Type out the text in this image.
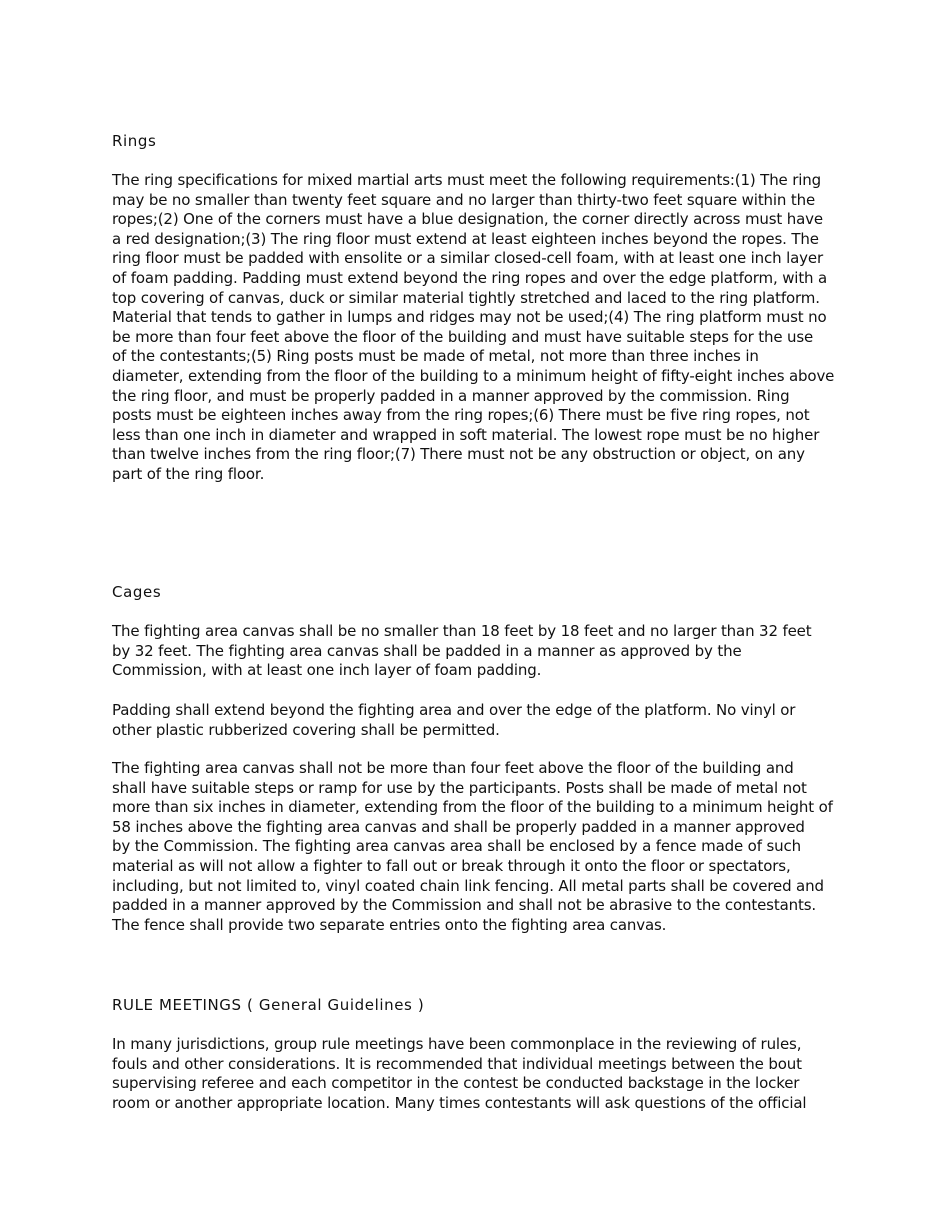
Rings
The ring specifications for mixed martial arts must meet the following requirements:(1) The ring
may be no smaller than twenty feet square and no larger than thirty-two feet square within the
ropes;(2) One of the corners must have a blue designation, the corner directly across must have
a red designation;(3) The ring floor must extend at least eighteen inches beyond the ropes. The
ring floor must be padded with ensolite or a similar closed-cell foam, with at least one inch layer
of foam padding. Padding must extend beyond the ring ropes and over the edge platform, with a
top covering of canvas, duck or similar material tightly stretched and laced to the ring platform.
Material that tends to gather in lumps and ridges may not be used;(4) The ring platform must no
be more than four feet above the floor of the building and must have suitable steps for the use
of the contestants;(5) Ring posts must be made of metal, not more than three inches in
diameter, extending from the floor of the building to a minimum height of fifty-eight inches above
the ring floor, and must be properly padded in a manner approved by the commission. Ring
posts must be eighteen inches away from the ring ropes;(6) There must be five ring ropes, not
less than one inch in diameter and wrapped in soft material. The lowest rope must be no higher
than twelve inches from the ring floor;(7) There must not be any obstruction or object, on any
part of the ring floor.
Cages
The fighting area canvas shall be no smaller than 18 feet by 18 feet and no larger than 32 feet
by 32 feet. The fighting area canvas shall be padded in a manner as approved by the
Commission, with at least one inch layer of foam padding.
Padding shall extend beyond the fighting area and over the edge of the platform. No vinyl or
other plastic rubberized covering shall be permitted.
The fighting area canvas shall not be more than four feet above the floor of the building and
shall have suitable steps or ramp for use by the participants. Posts shall be made of metal not
more than six inches in diameter, extending from the floor of the building to a minimum height of
58 inches above the fighting area canvas and shall be properly padded in a manner approved
by the Commission. The fighting area canvas area shall be enclosed by a fence made of such
material as will not allow a fighter to fall out or break through it onto the floor or spectators,
including, but not limited to, vinyl coated chain link fencing. All metal parts shall be covered and
padded in a manner approved by the Commission and shall not be abrasive to the contestants.
The fence shall provide two separate entries onto the fighting area canvas.
RULE MEETINGS ( General Guidelines )
In many jurisdictions, group rule meetings have been commonplace in the reviewing of rules,
fouls and other considerations. It is recommended that individual meetings between the bout
supervising referee and each competitor in the contest be conducted backstage in the locker
room or another appropriate location. Many times contestants will ask questions of the official
